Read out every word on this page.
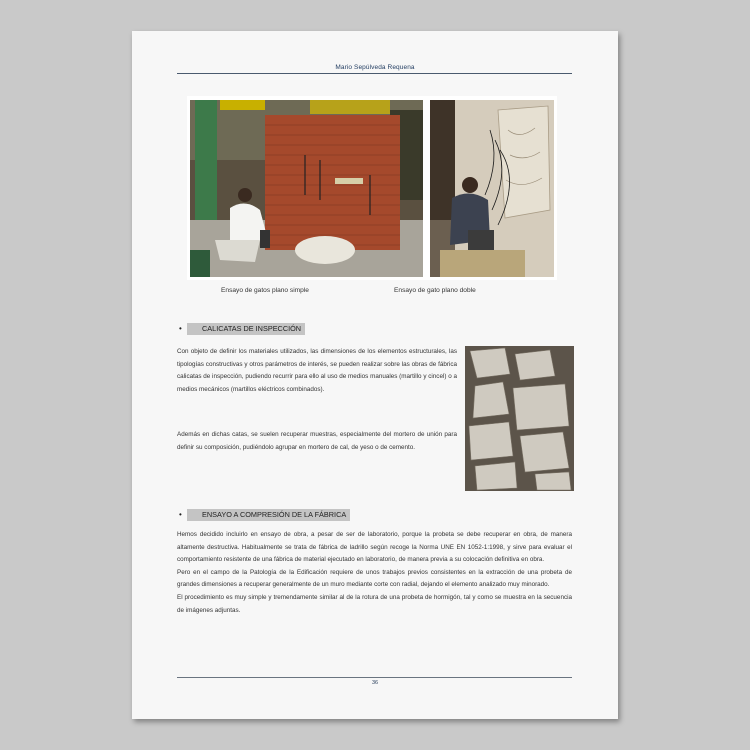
Mario Sepúlveda Requena
Ensayo de gatos plano simple	Ensayo de gato plano doble
•	CALICATAS DE INSPECCIÓN

Con objeto de definir los materiales utilizados, las dimensiones de los elementos estructurales, las tipologías constructivas y otros parámetros de interés, se pueden realizar sobre las obras de fábrica calicatas de inspección, pudiendo recurrir para ello al uso de medios manuales (martillo y cincel) o a medios mecánicos (martillos eléctricos combinados).

Además en dichas catas, se suelen recuperar muestras, especialmente del mortero de unión para definir su composición, pudiéndolo agrupar en mortero de cal, de yeso o de cemento.

•	ENSAYO A COMPRESIÓN DE LA FÁBRICA

Hemos decidido incluirlo en ensayo de obra, a pesar de ser de laboratorio, porque la probeta se debe recuperar en obra, de manera altamente destructiva. Habitualmente se trata de fábrica de ladrillo según recoge la Norma UNE EN 1052-1:1998, y sirve para evaluar el comportamiento resistente de una fábrica de material ejecutado en laboratorio, de manera previa a su colocación definitiva en obra.

Pero en el campo de la Patología de la Edificación requiere de unos trabajos previos consistentes en la extracción de una probeta de grandes dimensiones a recuperar generalmente de un muro mediante corte con radial, dejando el elemento analizado muy minorado.

El procedimiento es muy simple y tremendamente similar al de la rotura de una probeta de hormigón, tal y como se muestra en la secuencia de imágenes adjuntas.

36
